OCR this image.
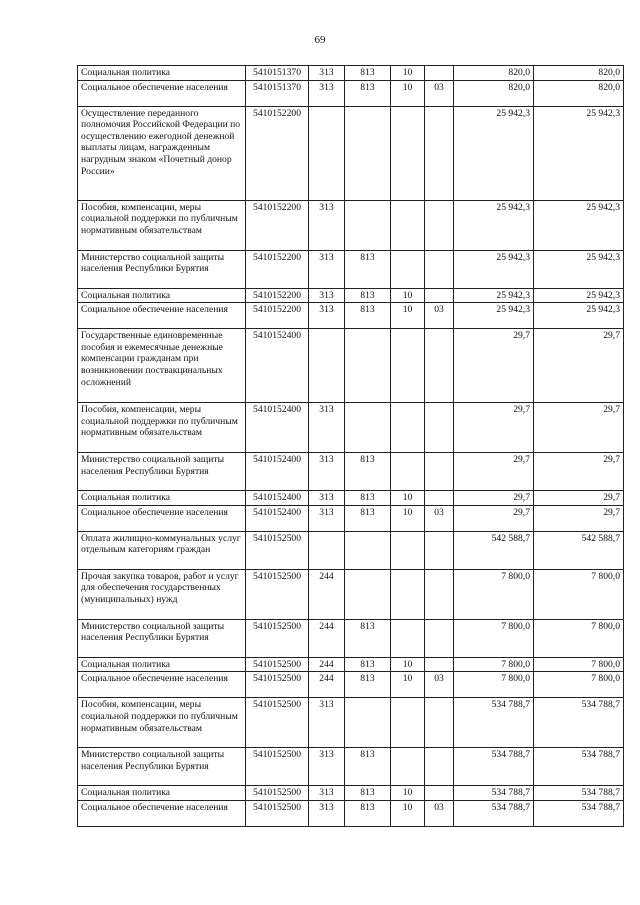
69
Социальная политика	5410151370	313	813	10		820,0	820,0
Социальное обеспечение населения	5410151370	313	813	10	03	820,0	820,0
Осуществление переданного полномочия Российской Федерации по осуществлению ежегодной денежной выплаты лицам, награжденным нагрудным знаком «Почетный донор России»	5410152200					25 942,3	25 942,3
Пособия, компенсации, меры социальной поддержки по публичным нормативным обязательствам	5410152200	313				25 942,3	25 942,3
Министерство социальной защиты населения Республики Бурятия	5410152200	313	813			25 942,3	25 942,3
Социальная политика	5410152200	313	813	10		25 942,3	25 942,3
Социальное обеспечение населения	5410152200	313	813	10	03	25 942,3	25 942,3
Государственные единовременные пособия и ежемесячные денежные компенсации гражданам при возникновении поствакцинальных осложнений	5410152400					29,7	29,7
Пособия, компенсации, меры социальной поддержки по публичным нормативным обязательствам	5410152400	313				29,7	29,7
Министерство социальной защиты населения Республики Бурятия	5410152400	313	813			29,7	29,7
Социальная политика	5410152400	313	813	10		29,7	29,7
Социальное обеспечение населения	5410152400	313	813	10	03	29,7	29,7
Оплата жилищно-коммунальных услуг отдельным категориям граждан	5410152500					542 588,7	542 588,7
Прочая закупка товаров, работ и услуг для обеспечения государственных (муниципальных) нужд	5410152500	244				7 800,0	7 800,0
Министерство социальной защиты населения Республики Бурятия	5410152500	244	813			7 800,0	7 800,0
Социальная политика	5410152500	244	813	10		7 800,0	7 800,0
Социальное обеспечение населения	5410152500	244	813	10	03	7 800,0	7 800,0
Пособия, компенсации, меры социальной поддержки по публичным нормативным обязательствам	5410152500	313				534 788,7	534 788,7
Министерство социальной защиты населения Республики Бурятия	5410152500	313	813			534 788,7	534 788,7
Социальная политика	5410152500	313	813	10		534 788,7	534 788,7
Социальное обеспечение населения	5410152500	313	813	10	03	534 788,7	534 788,7
